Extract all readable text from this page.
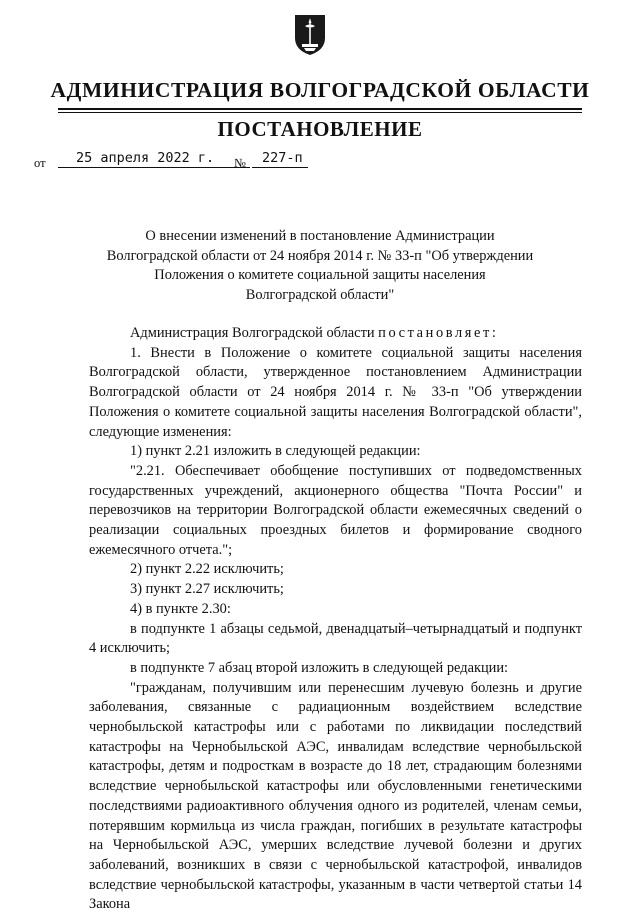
АДМИНИСТРАЦИЯ ВОЛГОГРАДСКОЙ ОБЛАСТИ
ПОСТАНОВЛЕНИЕ
от	25 апреля 2022 г.	№	227-п
О внесении изменений в постановление Администрации
Волгоградской области от 24 ноября 2014 г. № 33-п "Об утверждении
Положения о комитете социальной защиты населения
Волгоградской области"

Администрация Волгоградской области постановляет:

1. Внести в Положение о комитете социальной защиты населения Волгоградской области, утвержденное постановлением Администрации Волгоградской области от 24 ноября 2014 г. № 33-п "Об утверждении Положения о комитете социальной защиты населения Волгоградской области", следующие изменения:

1) пункт 2.21 изложить в следующей редакции:

"2.21. Обеспечивает обобщение поступивших от подведомственных государственных учреждений, акционерного общества "Почта России" и перевозчиков на территории Волгоградской области ежемесячных сведений о реализации социальных проездных билетов и формирование сводного ежемесячного отчета.";

2) пункт 2.22 исключить;

3) пункт 2.27 исключить;

4) в пункте 2.30:

в подпункте 1 абзацы седьмой, двенадцатый–четырнадцатый и подпункт 4 исключить;

в подпункте 7 абзац второй изложить в следующей редакции:

"гражданам, получившим или перенесшим лучевую болезнь и другие заболевания, связанные с радиационным воздействием вследствие чернобыльской катастрофы или с работами по ликвидации последствий катастрофы на Чернобыльской АЭС, инвалидам вследствие чернобыльской катастрофы, детям и подросткам в возрасте до 18 лет, страдающим болезнями вследствие чернобыльской катастрофы или обусловленными генетическими последствиями радиоактивного облучения одного из родителей, членам семьи, потерявшим кормильца из числа граждан, погибших в результате катастрофы на Чернобыльской АЭС, умерших вследствие лучевой болезни и других заболеваний, возникших в связи с чернобыльской катастрофой, инвалидов вследствие чернобыльской катастрофы, указанным в части четвертой статьи 14 Закона
